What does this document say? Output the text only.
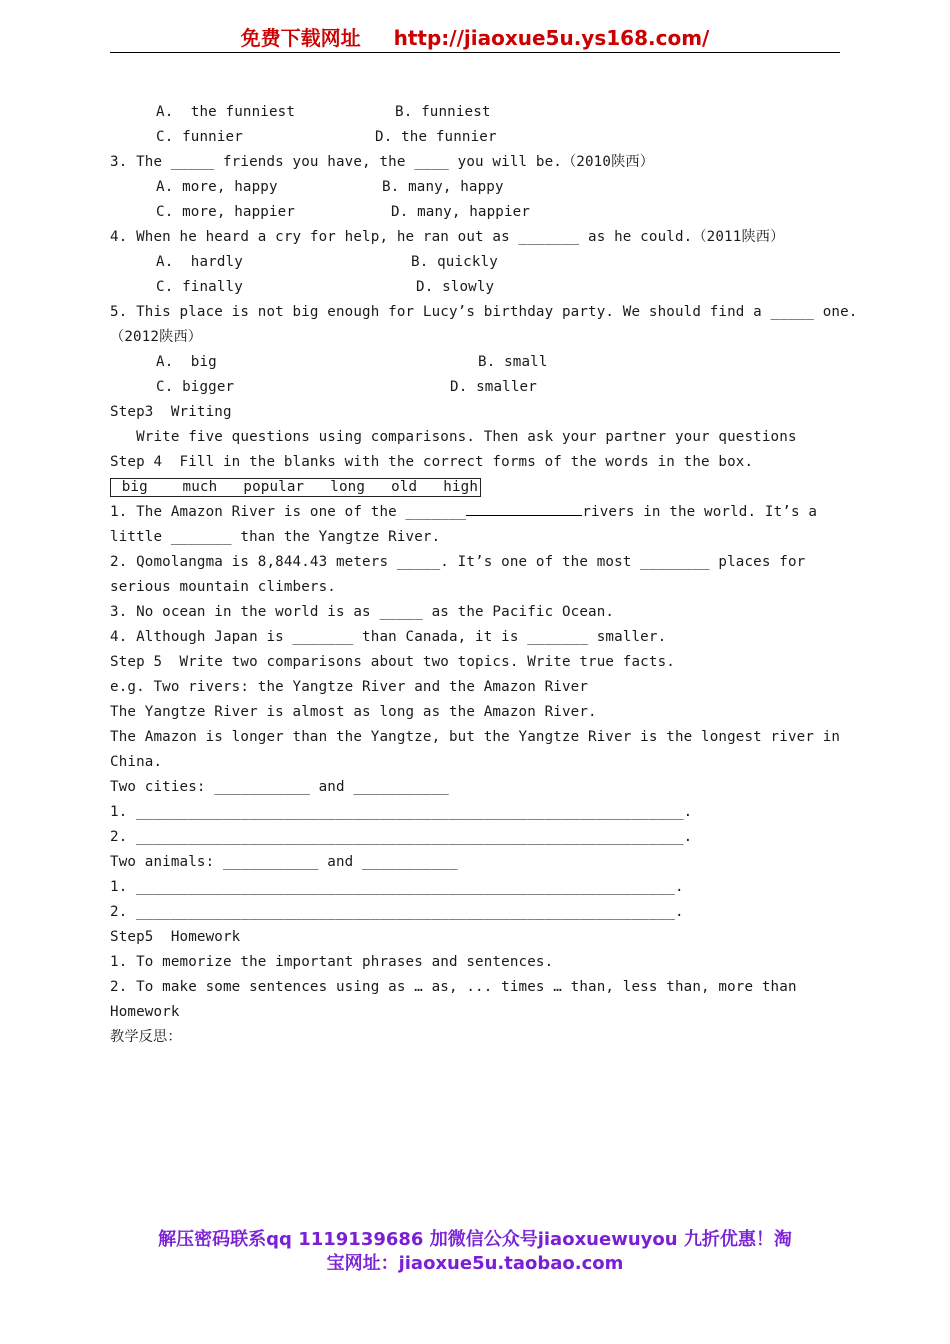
免费下载网址 http://jiaoxue5u.ys168.com/

A.  the funniest

	B. funniest

C. funnier

	D. the funnier

3. The _____ friends you have, the ____ you will be.（2010陕西）

A. more, happy

	B. many, happy

C. more, happier

	D. many, happier

4. When he heard a cry for help, he ran out as _______ as he could.（2011陕西）

A.  hardly

	B. quickly

C. finally

	D. slowly

5. This place is not big enough for Lucy’s birthday party. We should find a _____ one.
（2012陕西）

A.  big

	B. small

C. bigger

	D. smaller

Step3  Writing
Write five questions using comparisons. Then ask your partner your questions
Step 4  Fill in the blanks with the correct forms of the words in the box.
big    much   popular   long   old   high
1. The Amazon River is one of the _______	rivers in the world. It’s a
little _______ than the Yangtze River.
2. Qomolangma is 8,844.43 meters _____. It’s one of the most ________ places for
serious mountain climbers.
3. No ocean in the world is as _____ as the Pacific Ocean.
4. Although Japan is _______ than Canada, it is _______ smaller.
Step 5  Write two comparisons about two topics. Write true facts.
e.g. Two rivers: the Yangtze River and the Amazon River
The Yangtze River is almost as long as the Amazon River.
The Amazon is longer than the Yangtze, but the Yangtze River is the longest river in
China.
Two cities: ___________ and ___________
1. _______________________________________________________________.
2. _______________________________________________________________.
Two animals: ___________ and ___________
1. ______________________________________________________________.
2. ______________________________________________________________.
Step5  Homework
1. To memorize the important phrases and sentences.
2. To make some sentences using as … as, ... times … than, less than, more than
Homework
教学反思：
解压密码联系qq 1119139686 加微信公众号jiaoxuewuyou 九折优惠！淘
宝网址：jiaoxue5u.taobao.com
